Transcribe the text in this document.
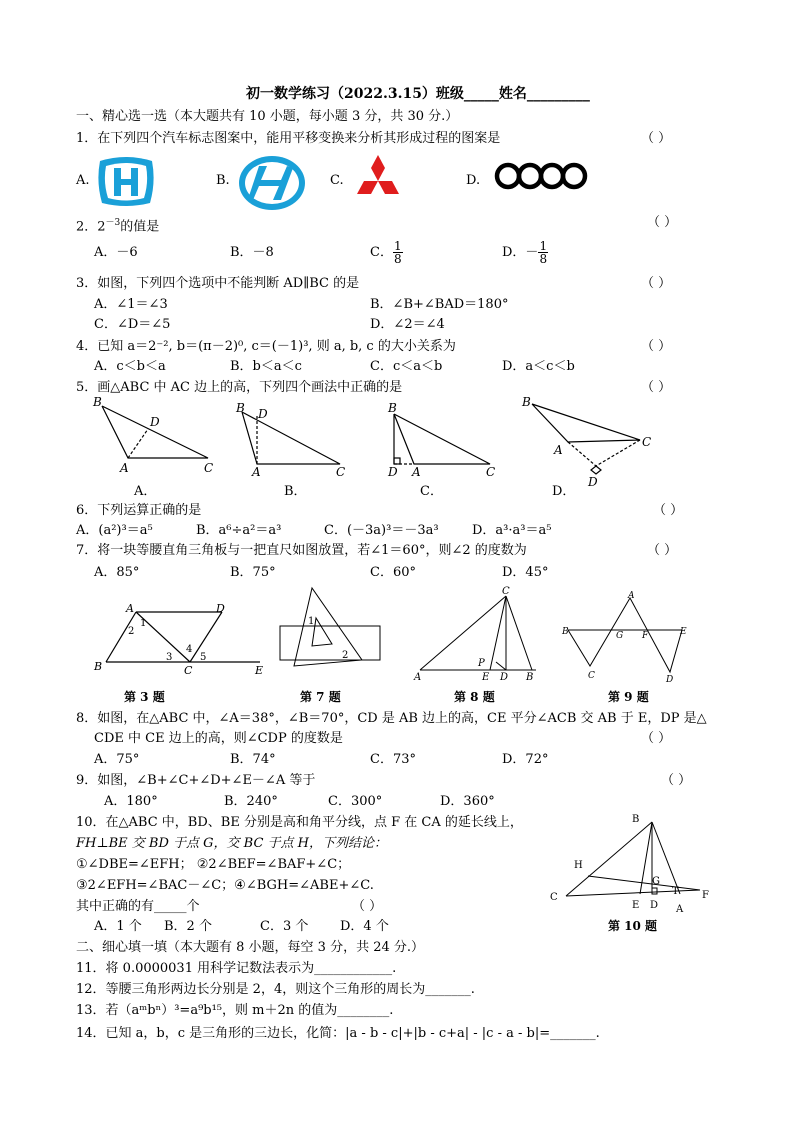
初一数学练习（2022.3.15）班级_____姓名_________
一、精心选一选（本大题共有 10 小题，每小题 3 分，共 30 分.）
1．在下列四个汽车标志图案中，能用平移变换来分析其形成过程的图案是	（ ）
A.	B.	C.	D.
2．$2^{-3}$的值是	（ ）
A．－6	B．－8	C． $\frac{1}{8}$	D．－ $\frac{1}{8}$
3．如图，下列四个选项中不能判断 AD∥BC 的是	（ ）
A．∠1＝∠3	B．∠B+∠BAD＝180°
C．∠D＝∠5	D．∠2＝∠4
4．已知 a＝2⁻², b＝(π－2)⁰, c＝(－1)³, 则 a, b, c 的大小关系为	（ ）
A．c＜b＜a	B．b＜a＜c	C．c＜a＜b	D．a＜c＜b
5．画△ABC 中 AC 边上的高，下列四个画法中正确的是	（ ）
B
D
A	C
B D
A	C
B
D A	C
B
A
C
D
A．	B．	C．	D．
6．下列运算正确的是	（ ）
A．(a²)³＝a⁵	B．a⁶÷a²＝a³	C．(－3a)³＝－3a³	D．a³·a³＝a⁵
7．将一块等腰直角三角板与一把直尺如图放置，若∠1＝60°，则∠2 的度数为	（ ）
A．85°	B．75°	C．60°	D．45°
A	D
B	C	E
1
2
3
4
5
1
2
C
A
P
E D B
B
C
G
A
F
D
E
第 3 题	第 7 题	第 8 题	第 9 题
8．如图，在△ABC 中，∠A＝38°，∠B＝70°，CD 是 AB 边上的高，CE 平分∠ACB 交 AB 于 E，DP 是△
CDE 中 CE 边上的高，则∠CDP 的度数是	（ ）
A．75°	B．74°	C．73°	D．72°
9．如图，∠B+∠C+∠D+∠E－∠A 等于	（ ）
A．180°	B．240°	C．300°	D．360°
10．在△ABC 中，BD、BE 分别是高和角平分线，点 F 在 CA 的延长线上，
FH⊥BE 交 BD 于点 G，交 BC 于点 H，下列结论：
①∠DBE=∠EFH； ②2∠BEF=∠BAF+∠C；
③2∠EFH=∠BAC－∠C；④∠BGH=∠ABE+∠C.
其中正确的有_____个	（ ）
A．1 个 B．2 个	C．3 个 D．4 个
B
H
C
G
T
E D A
F
第 10 题
二、细心填一填（本大题有 8 小题，每空 3 分，共 24 分.）
11．将 0.0000031 用科学记数法表示为____________.
12．等腰三角形两边长分别是 2，4，则这个三角形的周长为_______.
13．若（aᵐbⁿ）³=a⁹b¹⁵，则 m＋2n 的值为________.
14．已知 a，b，c 是三角形的三边长，化简：|a - b - c|+|b - c+a| - |c - a - b|=_______.
